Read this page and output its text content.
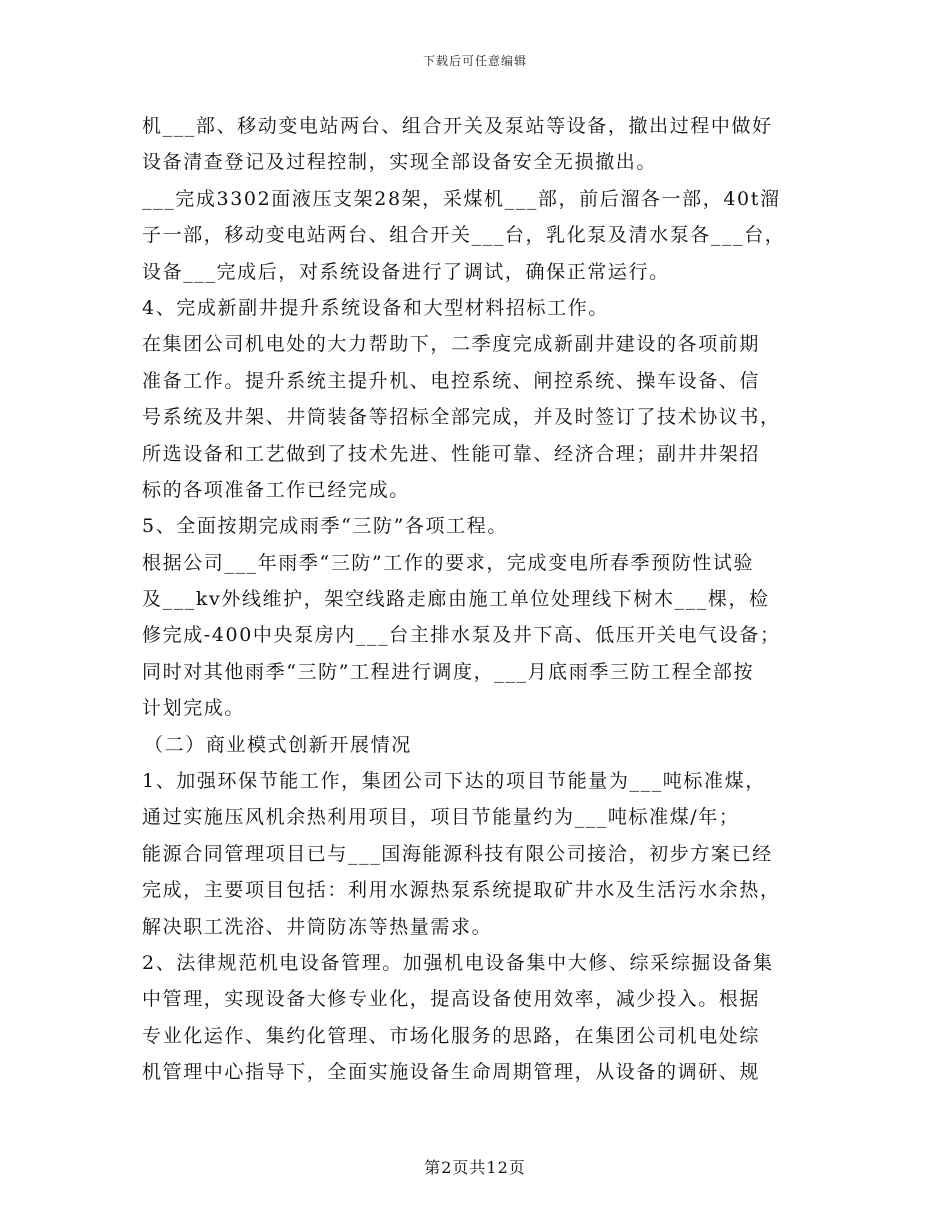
下载后可任意编辑
机___部、移动变电站两台、组合开关及泵站等设备，撤出过程中做好
设备清查登记及过程控制，实现全部设备安全无损撤出。
___完成3302面液压支架28架，采煤机___部，前后溜各一部，40t溜
子一部，移动变电站两台、组合开关___台，乳化泵及清水泵各___台，
设备___完成后，对系统设备进行了调试，确保正常运行。
4、完成新副井提升系统设备和大型材料招标工作。
在集团公司机电处的大力帮助下，二季度完成新副井建设的各项前期
准备工作。提升系统主提升机、电控系统、闸控系统、操车设备、信
号系统及井架、井筒装备等招标全部完成，并及时签订了技术协议书，
所选设备和工艺做到了技术先进、性能可靠、经济合理；副井井架招
标的各项准备工作已经完成。
5、全面按期完成雨季“三防”各项工程。
根据公司___年雨季“三防”工作的要求，完成变电所春季预防性试验
及___kv外线维护，架空线路走廊由施工单位处理线下树木___棵，检
修完成-400中央泵房内___台主排水泵及井下高、低压开关电气设备；
同时对其他雨季“三防”工程进行调度，___月底雨季三防工程全部按
计划完成。
（二）商业模式创新开展情况
1、加强环保节能工作，集团公司下达的项目节能量为___吨标准煤，
通过实施压风机余热利用项目，项目节能量约为___吨标准煤/年；
能源合同管理项目已与___国海能源科技有限公司接洽，初步方案已经
完成，主要项目包括：利用水源热泵系统提取矿井水及生活污水余热，
解决职工洗浴、井筒防冻等热量需求。
2、法律规范机电设备管理。加强机电设备集中大修、综采综掘设备集
中管理，实现设备大修专业化，提高设备使用效率，减少投入。根据
专业化运作、集约化管理、市场化服务的思路，在集团公司机电处综
机管理中心指导下，全面实施设备生命周期管理，从设备的调研、规
第2页共12页
